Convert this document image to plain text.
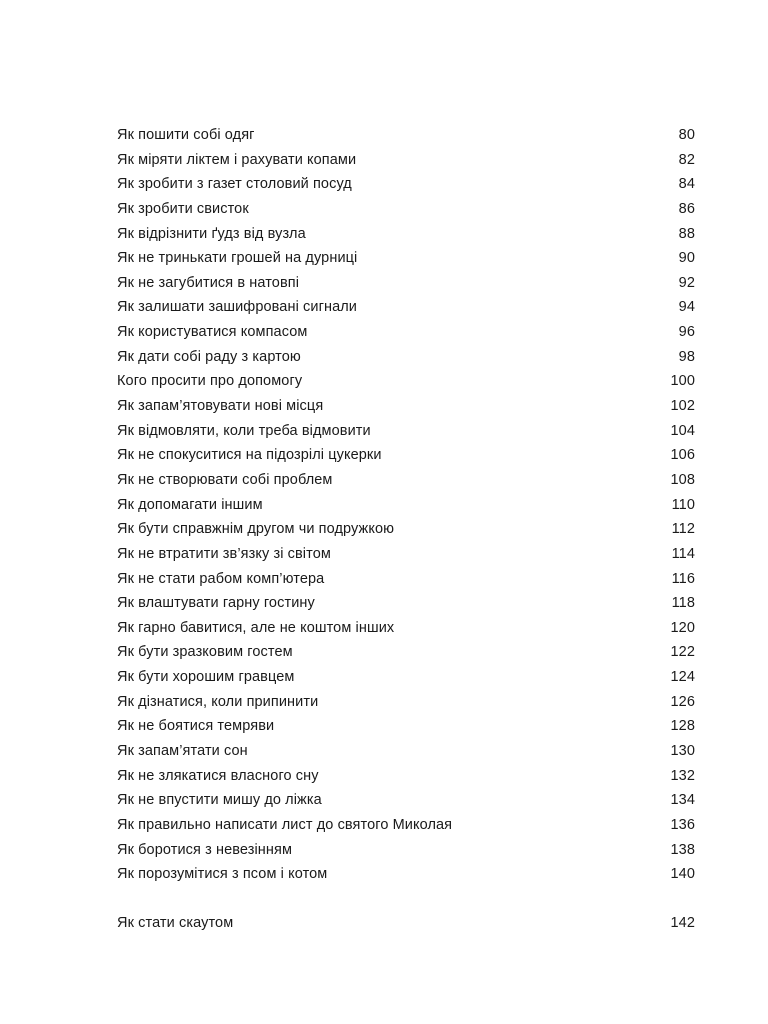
Як пошити собі одяг	80
Як міряти ліктем і рахувати копами	82
Як зробити з газет столовий посуд	84
Як зробити свисток	86
Як відрізнити ґудз від вузла	88
Як не тринькати грошей на дурниці	90
Як не загубитися в натовпі	92
Як залишати зашифровані сигнали	94
Як користуватися компасом	96
Як дати собі раду з картою	98
Кого просити про допомогу	100
Як запам’ятовувати нові місця	102
Як відмовляти, коли треба відмовити	104
Як не спокуситися на підозрілі цукерки	106
Як не створювати собі проблем	108
Як допомагати іншим	110
Як бути справжнім другом чи подружкою	112
Як не втратити зв’язку зі світом	114
Як не стати рабом комп’ютера	116
Як влаштувати гарну гостину	118
Як гарно бавитися, але не коштом інших	120
Як бути зразковим гостем	122
Як бути хорошим гравцем	124
Як дізнатися, коли припинити	126
Як не боятися темряви	128
Як запам’ятати сон	130
Як не злякатися власного сну	132
Як не впустити мишу до ліжка	134
Як правильно написати лист до святого Миколая	136
Як боротися з невезінням	138
Як порозумітися з псом і котом	140
Як стати скаутом	142
